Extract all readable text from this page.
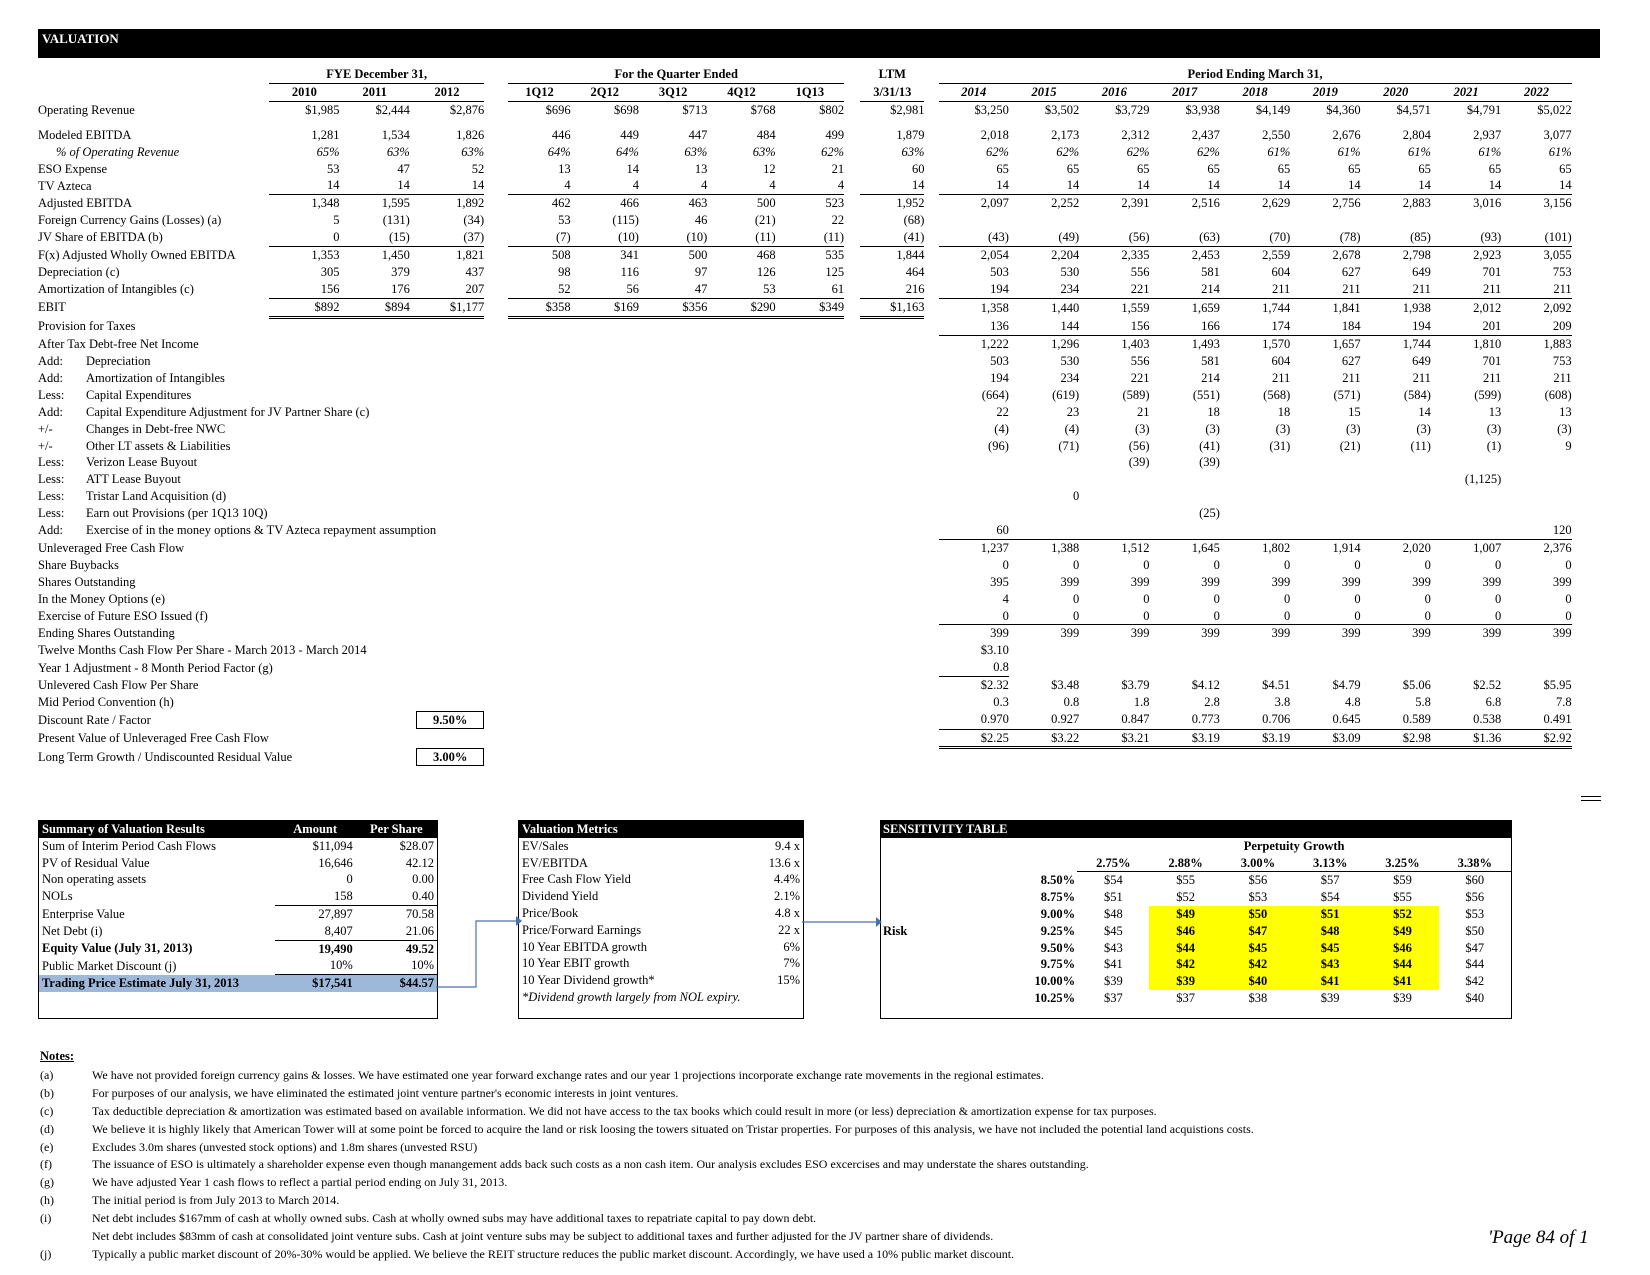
VALUATION
	FYE December 31,				For the Quarter Ended						LTM		Period Ending March 31,									
	2010	2011	2012		1Q12	2Q12	3Q12	4Q12	1Q13		3/31/13		2014	2015	2016	2017	2018	2019	2020	2021	2022	
Operating Revenue	$1,985	$2,444	$2,876		$696	$698	$713	$768	$802		$2,981		$3,250	$3,502	$3,729	$3,938	$4,149	$4,360	$4,571	$4,791	$5,022	

Modeled EBITDA	1,281	1,534	1,826		446	449	447	484	499		1,879		2,018	2,173	2,312	2,437	2,550	2,676	2,804	2,937	3,077	
% of Operating Revenue	65%	63%	63%		64%	64%	63%	63%	62%		63%		62%	62%	62%	62%	61%	61%	61%	61%	61%	
ESO Expense	53	47	52		13	14	13	12	21		60		65	65	65	65	65	65	65	65	65	
TV Azteca	14	14	14		4	4	4	4	4		14		14	14	14	14	14	14	14	14	14	
Adjusted EBITDA	1,348	1,595	1,892		462	466	463	500	523		1,952		2,097	2,252	2,391	2,516	2,629	2,756	2,883	3,016	3,156	
Foreign Currency Gains (Losses) (a)	5	(131)	(34)		53	(115)	46	(21)	22		(68)											
JV Share of EBITDA (b)	0	(15)	(37)		(7)	(10)	(10)	(11)	(11)		(41)		(43)	(49)	(56)	(63)	(70)	(78)	(85)	(93)	(101)	
F(x) Adjusted Wholly Owned EBITDA	1,353	1,450	1,821		508	341	500	468	535		1,844		2,054	2,204	2,335	2,453	2,559	2,678	2,798	2,923	3,055	
Depreciation (c)	305	379	437		98	116	97	126	125		464		503	530	556	581	604	627	649	701	753	
Amortization of Intangibles (c)	156	176	207		52	56	47	53	61		216		194	234	221	214	211	211	211	211	211	
EBIT	$892	$894	$1,177		$358	$169	$356	$290	$349		$1,163		1,358	1,440	1,559	1,659	1,744	1,841	1,938	2,012	2,092	
Provision for Taxes													136	144	156	166	174	184	194	201	209	
After Tax Debt-free Net Income													1,222	1,296	1,403	1,493	1,570	1,657	1,744	1,810	1,883	
Add: Depreciation													503	530	556	581	604	627	649	701	753	
Add: Amortization of Intangibles													194	234	221	214	211	211	211	211	211	
Less: Capital Expenditures													(664)	(619)	(589)	(551)	(568)	(571)	(584)	(599)	(608)	
Add: Capital Expenditure Adjustment for JV Partner Share (c)													22	23	21	18	18	15	14	13	13	
+/- Changes in Debt-free NWC													(4)	(4)	(3)	(3)	(3)	(3)	(3)	(3)	(3)	
+/- Other LT assets & Liabilities													(96)	(71)	(56)	(41)	(31)	(21)	(11)	(1)	9	
Less: Verizon Lease Buyout															(39)	(39)						
Less: ATT Lease Buyout																				(1,125)		
Less: Tristar Land Acquisition (d)														0								
Less: Earn out Provisions (per 1Q13 10Q)																(25)						
Add: Exercise of in the money options & TV Azteca repayment assumption													60								120	
Unleveraged Free Cash Flow													1,237	1,388	1,512	1,645	1,802	1,914	2,020	1,007	2,376	
Share Buybacks													0	0	0	0	0	0	0	0	0	
Shares Outstanding													395	399	399	399	399	399	399	399	399	
In the Money Options (e)													4	0	0	0	0	0	0	0	0	
Exercise of Future ESO Issued (f)													0	0	0	0	0	0	0	0	0	
Ending Shares Outstanding													399	399	399	399	399	399	399	399	399	
Twelve Months Cash Flow Per Share - March 2013 - March 2014													$3.10									
Year 1 Adjustment - 8 Month Period Factor (g)													0.8									
Unlevered Cash Flow Per Share													$2.32	$3.48	$3.79	$4.12	$4.51	$4.79	$5.06	$2.52	$5.95	
Mid Period Convention (h)													0.3	0.8	1.8	2.8	3.8	4.8	5.8	6.8	7.8	
Discount Rate / Factor			9.50%										0.970	0.927	0.847	0.773	0.706	0.645	0.589	0.538	0.491	
Present Value of Unleveraged Free Cash Flow													$2.25	$3.22	$3.21	$3.19	$3.19	$3.09	$2.98	$1.36	$2.92	
Long Term Growth / Undiscounted Residual Value			3.00%																			
Summary of Valuation Results	Amount	Per Share
Sum of Interim Period Cash Flows	$11,094	$28.07
PV of Residual Value	16,646	42.12
Non operating assets	0	0.00
NOLs	158	0.40
Enterprise Value	27,897	70.58
Net Debt (i)	8,407	21.06
Equity Value (July 31, 2013)	19,490	49.52
Public Market Discount (j)	10%	10%
Trading Price Estimate July 31, 2013	$17,541	$44.57
Valuation Metrics	
EV/Sales	9.4 x
EV/EBITDA	13.6 x
Free Cash Flow Yield	4.4%
Dividend Yield	2.1%
Price/Book	4.8 x
Price/Forward Earnings	22 x
10 Year EBITDA growth	6%
10 Year EBIT growth	7%
10 Year Dividend growth*	15%
*Dividend growth largely from NOL expiry.	
SENSITIVITY TABLE							
		Perpetuity Growth					
		2.75%	2.88%	3.00%	3.13%	3.25%	3.38%
	8.50%	$54	$55	$56	$57	$59	$60
	8.75%	$51	$52	$53	$54	$55	$56
	9.00%	$48	$49	$50	$51	$52	$53
Risk	9.25%	$45	$46	$47	$48	$49	$50
	9.50%	$43	$44	$45	$45	$46	$47
	9.75%	$41	$42	$42	$43	$44	$44
	10.00%	$39	$39	$40	$41	$41	$42
	10.25%	$37	$37	$38	$39	$39	$40
Notes:
(a)	We have not provided foreign currency gains & losses. We have estimated one year forward exchange rates and our year 1 projections incorporate exchange rate movements in the regional estimates.
(b)	For purposes of our analysis, we have eliminated the estimated joint venture partner's economic interests in joint ventures.
(c)	Tax deductible depreciation & amortization was estimated based on available information. We did not have access to the tax books which could result in more (or less) depreciation & amortization expense for tax purposes.
(d)	We believe it is highly likely that American Tower will at some point be forced to acquire the land or risk loosing the towers situated on Tristar properties. For purposes of this analysis, we have not included the potential land acquistions costs.
(e)	Excludes 3.0m shares (unvested stock options) and 1.8m shares (unvested RSU)
(f)	The issuance of ESO is ultimately a shareholder expense even though manangement adds back such costs as a non cash item. Our analysis excludes ESO excercises and may understate the shares outstanding.
(g)	We have adjusted Year 1 cash flows to reflect a partial period ending on July 31, 2013.
(h)	The initial period is from July 2013 to March 2014.
(i)	Net debt includes $167mm of cash at wholly owned subs. Cash at wholly owned subs may have additional taxes to repatriate capital to pay down debt.
Net debt includes $83mm of cash at consolidated joint venture subs. Cash at joint venture subs may be subject to additional taxes and further adjusted for the JV partner share of dividends.
(j)	Typically a public market discount of 20%-30% would be applied. We believe the REIT structure reduces the public market discount. Accordingly, we have used a 10% public market discount.
'Page 84 of 1
